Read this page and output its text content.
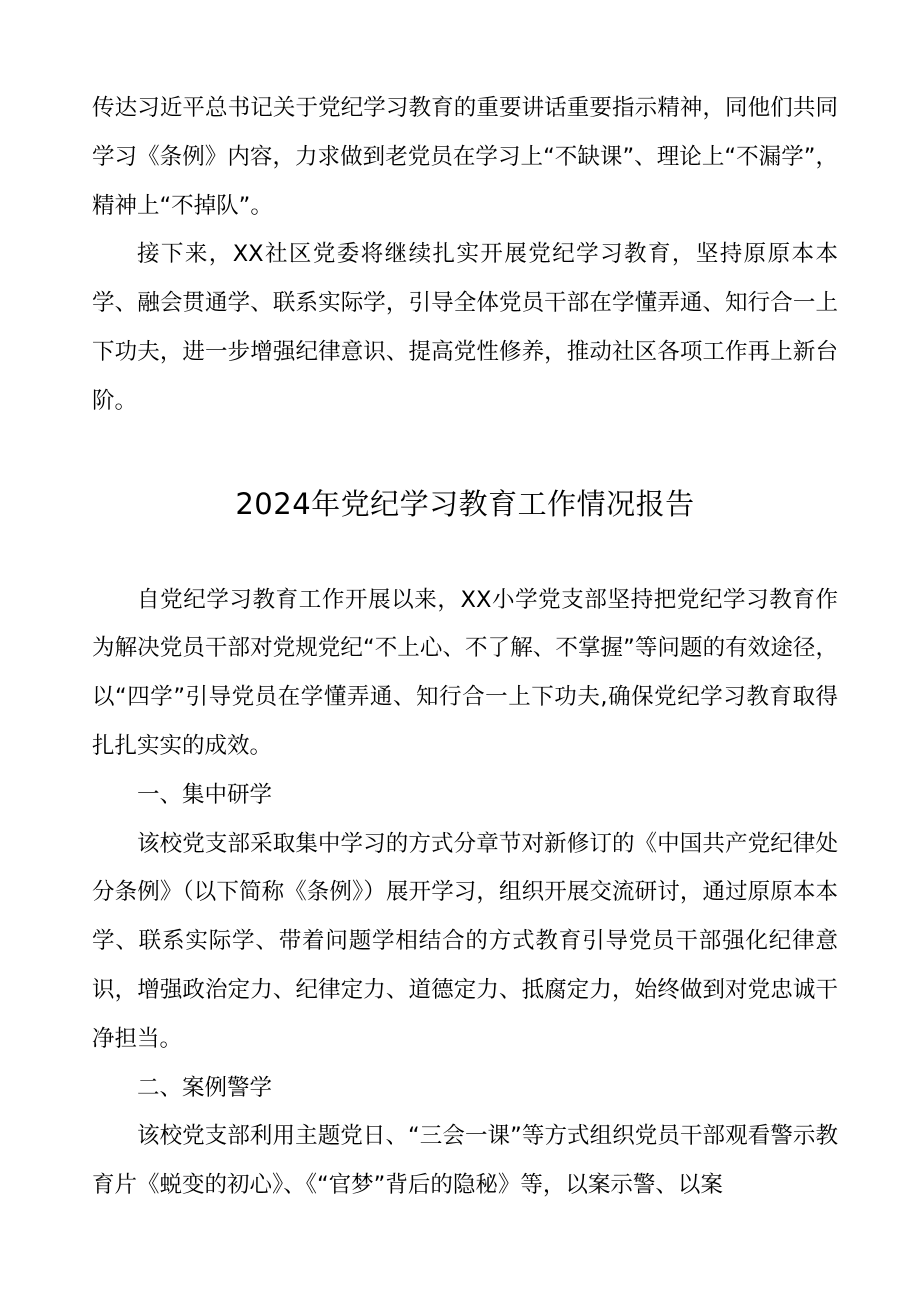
传达习近平总书记关于党纪学习教育的重要讲话重要指示精神，同他们共同学习《条例》内容，力求做到老党员在学习上“不缺课”、理论上“不漏学”，精神上“不掉队”。

接下来，XX社区党委将继续扎实开展党纪学习教育，坚持原原本本学、融会贯通学、联系实际学，引导全体党员干部在学懂弄通、知行合一上下功夫，进一步增强纪律意识、提高党性修养，推动社区各项工作再上新台阶。

2024年党纪学习教育工作情况报告

自党纪学习教育工作开展以来，XX小学党支部坚持把党纪学习教育作为解决党员干部对党规党纪“不上心、不了解、不掌握”等问题的有效途径，以“四学”引导党员在学懂弄通、知行合一上下功夫,确保党纪学习教育取得扎扎实实的成效。

一、集中研学

该校党支部采取集中学习的方式分章节对新修订的《中国共产党纪律处分条例》（以下简称《条例》）展开学习，组织开展交流研讨，通过原原本本学、联系实际学、带着问题学相结合的方式教育引导党员干部强化纪律意识，增强政治定力、纪律定力、道德定力、抵腐定力，始终做到对党忠诚干净担当。

二、案例警学

该校党支部利用主题党日、“三会一课”等方式组织党员干部观看警示教育片《蜕变的初心》、《“官梦”背后的隐秘》等，以案示警、以案
